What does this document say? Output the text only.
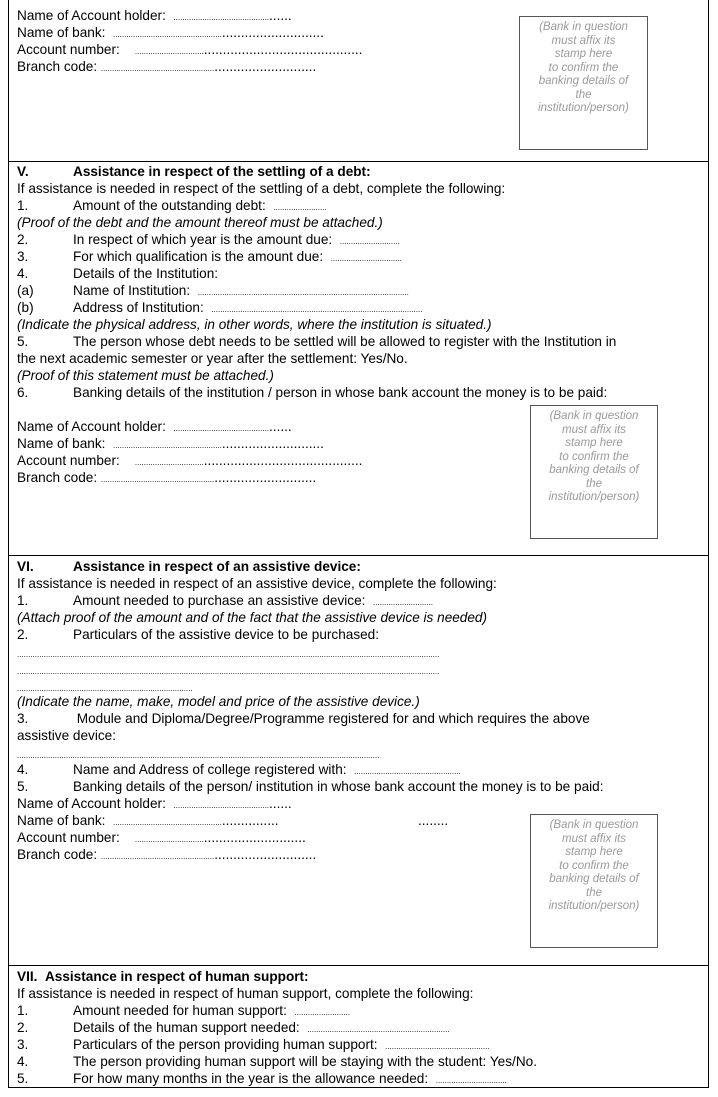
Name of Account holder: .................................................
Name of bank: ............................................................................
Account number: .........................................................................
Branch code: ..............................................................................
(Bank in question
must affix its
stamp here
to confirm the
banking details of
the
institution/person)
V.	Assistance in respect of the settling of a debt:
If assistance is needed in respect of the settling of a debt, complete the following:
1.	Amount of the outstanding debt: ........................
(Proof of the debt and the amount thereof must be attached.)
2.	In respect of which year is the amount due: ...........................
3.	For which qualification is the amount due: ................................
4.	Details of the Institution:
(a)	Name of Institution: ...............................................................................................
(b)	Address of Institution: ...............................................................................................
(Indicate the physical address, in other words, where the institution is situated.)
5.	The person whose debt needs to be settled will be allowed to register with the Institution in
the next academic semester or year after the settlement: Yes/No.
(Proof of this statement must be attached.)
6.	Banking details of the institution / person in whose bank account the money is to be paid:
Name of Account holder: .................................................
Name of bank: ............................................................................
Account number: .........................................................................
Branch code: ..............................................................................
(Bank in question
must affix its
stamp here
to confirm the
banking details of
the
institution/person)
VI.	Assistance in respect of an assistive device:
If assistance is needed in respect of an assistive device, complete the following:
1.	Amount needed to purchase an assistive device: ...........................
(Attach proof of the amount and of the fact that the assistive device is needed)
2.	Particulars of the assistive device to be purchased:
..............................................................................................................................................................................................
..............................................................................................................................................................................................
...............................................................................
(Indicate the name, make, model and price of the assistive device.)
3.	Module and Diploma/Degree/Programme registered for and which requires the above
assistive device:
...................................................................................................................................................................
4.	Name and Address of college registered with: ................................................
5.	Banking details of the person/ institution in whose bank account the money is to be paid:
Name of Account holder: .................................................
Name of bank: ................................................................	........
Account number: ..........................................................
Branch code: ..............................................................................
(Bank in question
must affix its
stamp here
to confirm the
banking details of
the
institution/person)
VII. Assistance in respect of human support:
If assistance is needed in respect of human support, complete the following:
1.	Amount needed for human support: .........................
2.	Details of the human support needed: ................................................................
3.	Particulars of the person providing human support: ...............................................
4.	The person providing human support will be staying with the student: Yes/No.
5.	For how many months in the year is the allowance needed: ................................
